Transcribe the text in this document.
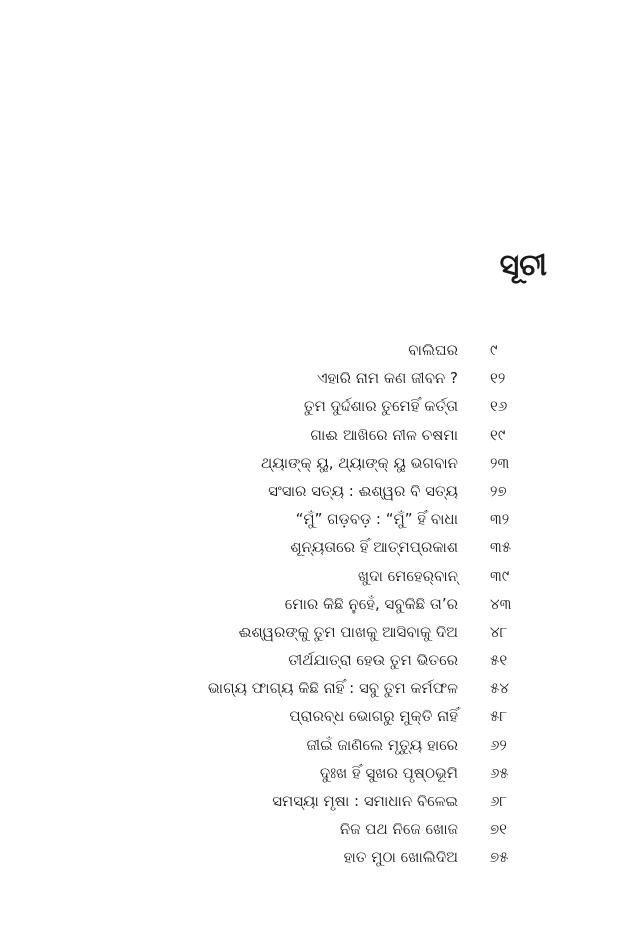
ସୂଚୀ
ବାଲିଘର ୯
ଏହାରି ନାମ କଣ ଜୀବନ ? ୧୨
ତୁମ ଦୁର୍ଦ୍ଦଶାର ତୁମେହିଁ କର୍ତ୍ତା ୧୬
ଗାଈ ଆଖିରେ ନୀଳ ଚଷମା ୧୯
ଥ୍ୟାଙ୍କ୍ ୟୁ, ଥ୍ୟାଙ୍କ୍ ୟୁ ଭଗବାନ ୨୩
ସଂସାର ସତ୍ୟ : ଈଶ୍ୱର ବି ସତ୍ୟ ୨୭
“ମୁଁ” ଗଡ଼ବଡ଼ : “ମୁଁ” ହିଁ ବାଧା ୩୨
ଶୂନ୍ୟତାରେ ହିଁ ଆତ୍ମପ୍ରକାଶ ୩୫
ଖୁଦା ମେହେର୍‌ବାନ୍ ୩୯
ମୋର କିଛି ନୁହେଁ, ସବୁକିଛି ତା’ର ୪୩
ଈଶ୍ୱରଙ୍କୁ ତୁମ ପାଖକୁ ଆସିବାକୁ ଦିଅ ୪୮
ତୀର୍ଥଯାତ୍ରା ହେଉ ତୁମ ଭିତରେ ୫୧
ଭାଗ୍ୟ ଫାଗ୍ୟ କିଛି ନାହିଁ : ସବୁ ତୁମ କର୍ମଫଳ ୫୪
ପ୍ରାରବ୍ଧ ଭୋଗରୁ ମୁକ୍ତି ନାହିଁ ୫୮
ଜୀଇଁ ଜାଣିଲେ ମୃତ୍ୟୁ ହାରେ ୬୨
ଦୁଃଖ ହିଁ ସୁଖର ପୃଷ୍ଠଭୂମି ୬୫
ସମସ୍ୟା ମୃଷା : ସମାଧାନ ବିଳେଇ ୬୮
ନିଜ ପଥ ନିଜେ ଖୋଜ ୭୧
ହାତ ମୁଠା ଖୋଲିଦିଅ ୭୫
